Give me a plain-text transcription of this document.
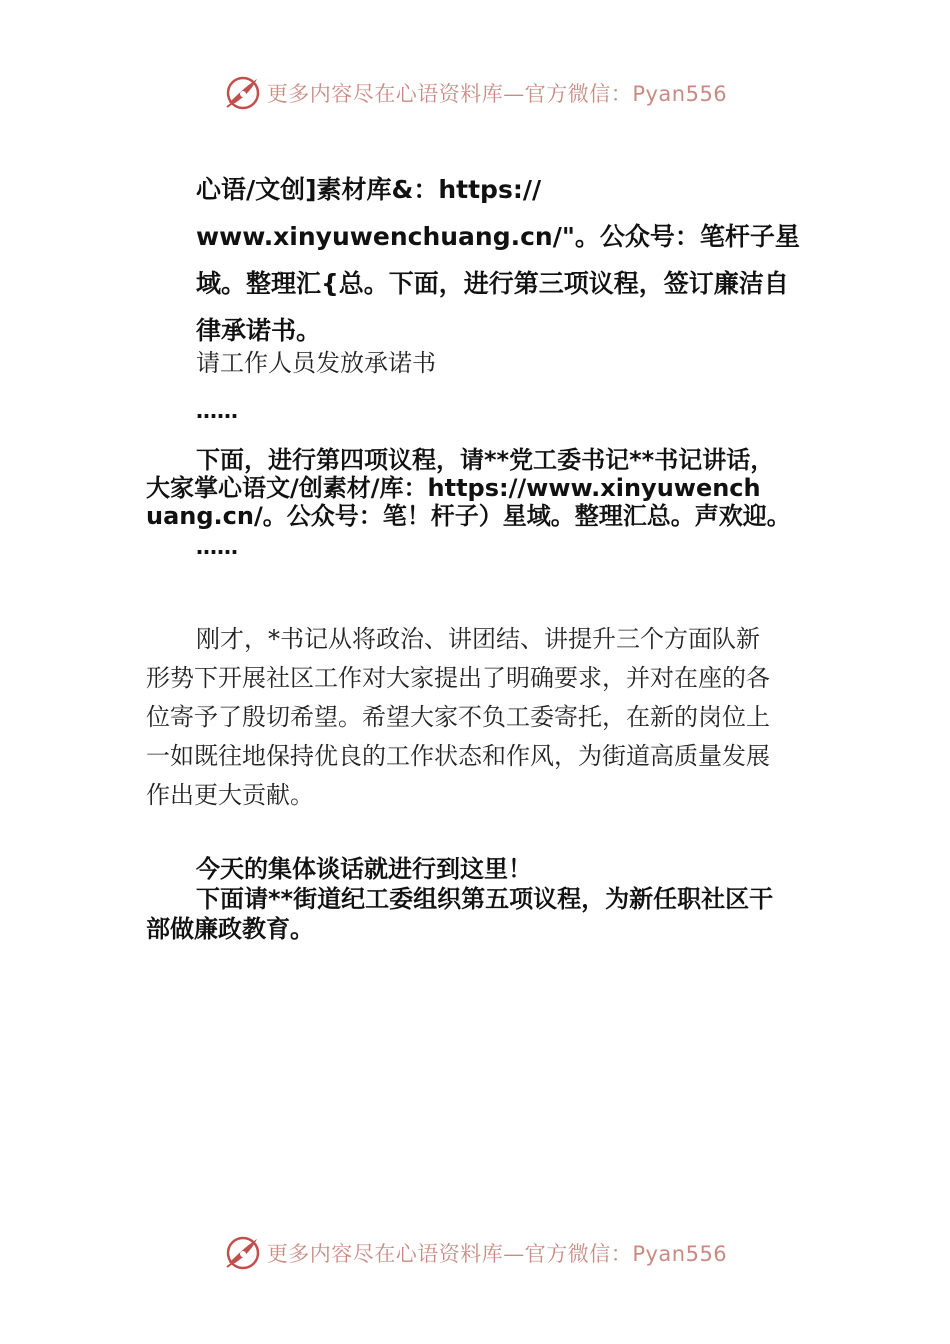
更多内容尽在心语资料库—官方微信：Pyan556
心语/文创]素材库&：https://
www.xinyuwenchuang.cn/"。公众号：笔杆子星
域。整理汇{总。下面，进行第三项议程，签订廉洁自
律承诺书。
请工作人员发放承诺书
……
下面，进行第四项议程，请**党工委书记**书记讲话，
大家掌心语文/创素材/库：https://www.xinyuwench
uang.cn/。公众号：笔！杆子）星域。整理汇总。声欢迎。
……
刚才，*书记从将政治、讲团结、讲提升三个方面队新
形势下开展社区工作对大家提出了明确要求，并对在座的各
位寄予了殷切希望。希望大家不负工委寄托，在新的岗位上
一如既往地保持优良的工作状态和作风，为街道高质量发展
作出更大贡献。
今天的集体谈话就进行到这里！
下面请**街道纪工委组织第五项议程，为新任职社区干
部做廉政教育。
更多内容尽在心语资料库—官方微信：Pyan556
